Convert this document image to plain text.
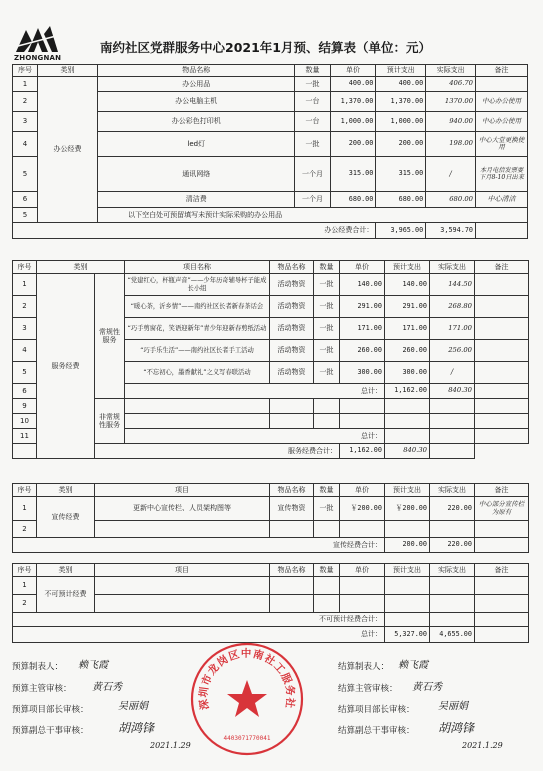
ZHONGNAN
南约社区党群服务中心2021年1月预、结算表（单位：元）
序号	类别	物品名称	数量	单价	预计支出	实际支出	备注
1	办公经费	办公用品	一批	400.00	400.00	406.70	
2		办公电脑主机	一台	1,370.00	1,370.00	1370.00	中心办公使用
3		办公彩色打印机	一台	1,000.00	1,000.00	940.00	中心办公使用
4		led灯	一批	200.00	200.00	198.00	中心大堂更换使用
5		通讯网络	一个月	315.00	315.00	/	本月电信发票要下月8-10日出来
6		清洁费	一个月	680.00	680.00	680.00	中心清洁
5		以下空白处可预留填写未预计实际采购的办公用品					
办公经费合计：					3,965.00	3,594.70	
序号	类别		项目名称	物品名称	数量	单价	预计支出	实际支出	备注
1	服务经费	常规性服务	“党建红心，杯瓶声音”——少年历奇辅导杯子能成长小组	活动物资	一批	140.00	140.00	144.50	
2			“暖心茶，沂乡情”——南约社区长者新春茶话会	活动物资	一批	291.00	291.00	268.80	
3			“巧手剪窗花，笑语迎新年”青少年迎新春剪纸活动	活动物资	一批	171.00	171.00	171.00	
4			“巧手乐生活”——南约社区长者手工活动	活动物资	一批	260.00	260.00	256.00	
5			“不忘初心，墨香献礼”之义写春联活动	活动物资	一批	300.00	300.00	/	
6			总计：				1,162.00	840.30	
9		非常规性服务							
10									
11			总计：						
服务经费合计：						1,162.00	840.30		
序号	类别	项目	物品名称	数量	单价	预计支出	实际支出	备注
1	宣传经费	更新中心宣传栏、人员架构图等	宣传物资	一批	￥200.00	￥200.00	220.00	中心部分宣传栏为原有
2								
宣传经费合计：						200.00	220.00	
序号	类别	项目	物品名称	数量	单价	预计支出	实际支出	备注
1	不可预计经费							
2								
不可预计经费合计：								
总计：						5,327.00	4,655.00	
预算制表人：
预算主管审核：
预算项目部长审核：
预算副总干事审核：
赖飞霞
黄石秀
吴丽娟
胡鸿锋
2021.1.29
结算制表人：
结算主管审核：
结算项目部长审核：
结算副总干事审核：
赖飞霞
黄石秀
吴丽娟
胡鸿锋
2021.1.29
深圳市龙岗区中南社工服务社
4403071770041
